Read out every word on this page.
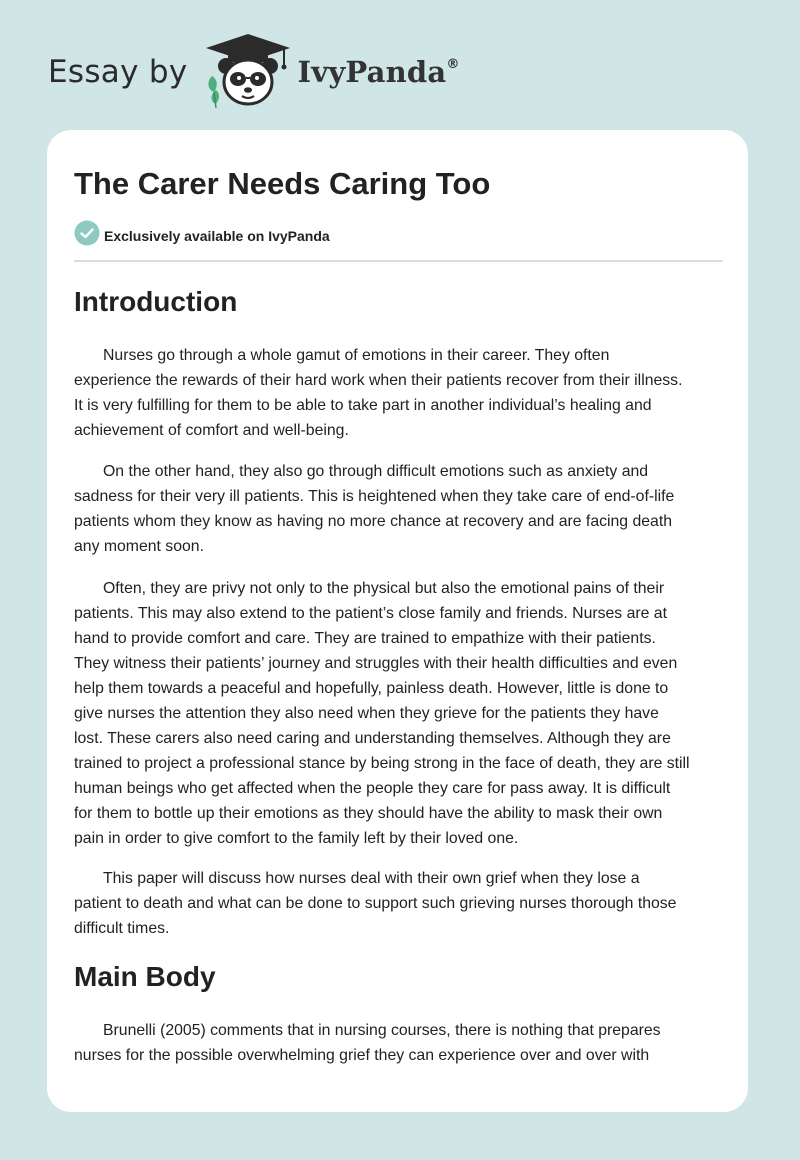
Essay by	IvyPanda®
The Carer Needs Caring Too
Exclusively available on IvyPanda
Introduction

Nurses go through a whole gamut of emotions in their career. They often
experience the rewards of their hard work when their patients recover from their illness.
It is very fulfilling for them to be able to take part in another individual’s healing and
achievement of comfort and well-being.

On the other hand, they also go through difficult emotions such as anxiety and
sadness for their very ill patients. This is heightened when they take care of end-of-life
patients whom they know as having no more chance at recovery and are facing death
any moment soon.

Often, they are privy not only to the physical but also the emotional pains of their
patients. This may also extend to the patient’s close family and friends. Nurses are at
hand to provide comfort and care. They are trained to empathize with their patients.
They witness their patients’ journey and struggles with their health difficulties and even
help them towards a peaceful and hopefully, painless death. However, little is done to
give nurses the attention they also need when they grieve for the patients they have
lost. These carers also need caring and understanding themselves. Although they are
trained to project a professional stance by being strong in the face of death, they are still
human beings who get affected when the people they care for pass away. It is difficult
for them to bottle up their emotions as they should have the ability to mask their own
pain in order to give comfort to the family left by their loved one.

This paper will discuss how nurses deal with their own grief when they lose a
patient to death and what can be done to support such grieving nurses thorough those
difficult times.

Main Body

Brunelli (2005) comments that in nursing courses, there is nothing that prepares
nurses for the possible overwhelming grief they can experience over and over with
